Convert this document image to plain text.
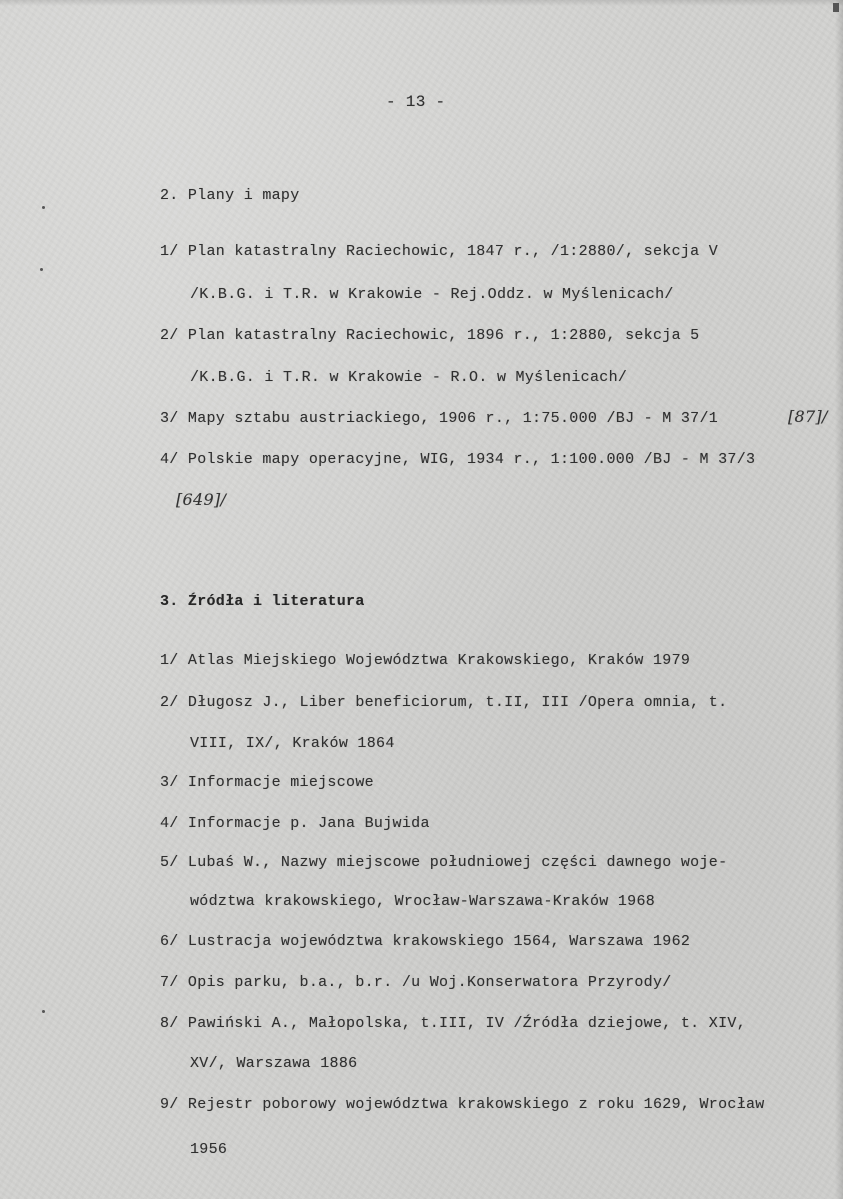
- 13 -
2. Plany i mapy
1/ Plan katastralny Raciechowic, 1847 r., /1:2880/, sekcja V
/K.B.G. i T.R. w Krakowie - Rej.Oddz. w Myślenicach/
2/ Plan katastralny Raciechowic, 1896 r., 1:2880, sekcja 5
/K.B.G. i T.R. w Krakowie - R.O. w Myślenicach/
3/ Mapy sztabu austriackiego, 1906 r., 1:75.000 /BJ - M 37/1	[87]/
4/ Polskie mapy operacyjne, WIG, 1934 r., 1:100.000 /BJ - M 37/3
[649]/
3. Źródła i literatura
1/ Atlas Miejskiego Województwa Krakowskiego, Kraków 1979
2/ Długosz J., Liber beneficiorum, t.II, III /Opera omnia, t.
VIII, IX/, Kraków 1864
3/ Informacje miejscowe
4/ Informacje p. Jana Bujwida
5/ Lubaś W., Nazwy miejscowe południowej części dawnego woje-
wództwa krakowskiego, Wrocław-Warszawa-Kraków 1968
6/ Lustracja województwa krakowskiego 1564, Warszawa 1962
7/ Opis parku, b.a., b.r. /u Woj.Konserwatora Przyrody/
8/ Pawiński A., Małopolska, t.III, IV /Źródła dziejowe, t. XIV,
XV/, Warszawa 1886
9/ Rejestr poborowy województwa krakowskiego z roku 1629, Wrocław
1956
